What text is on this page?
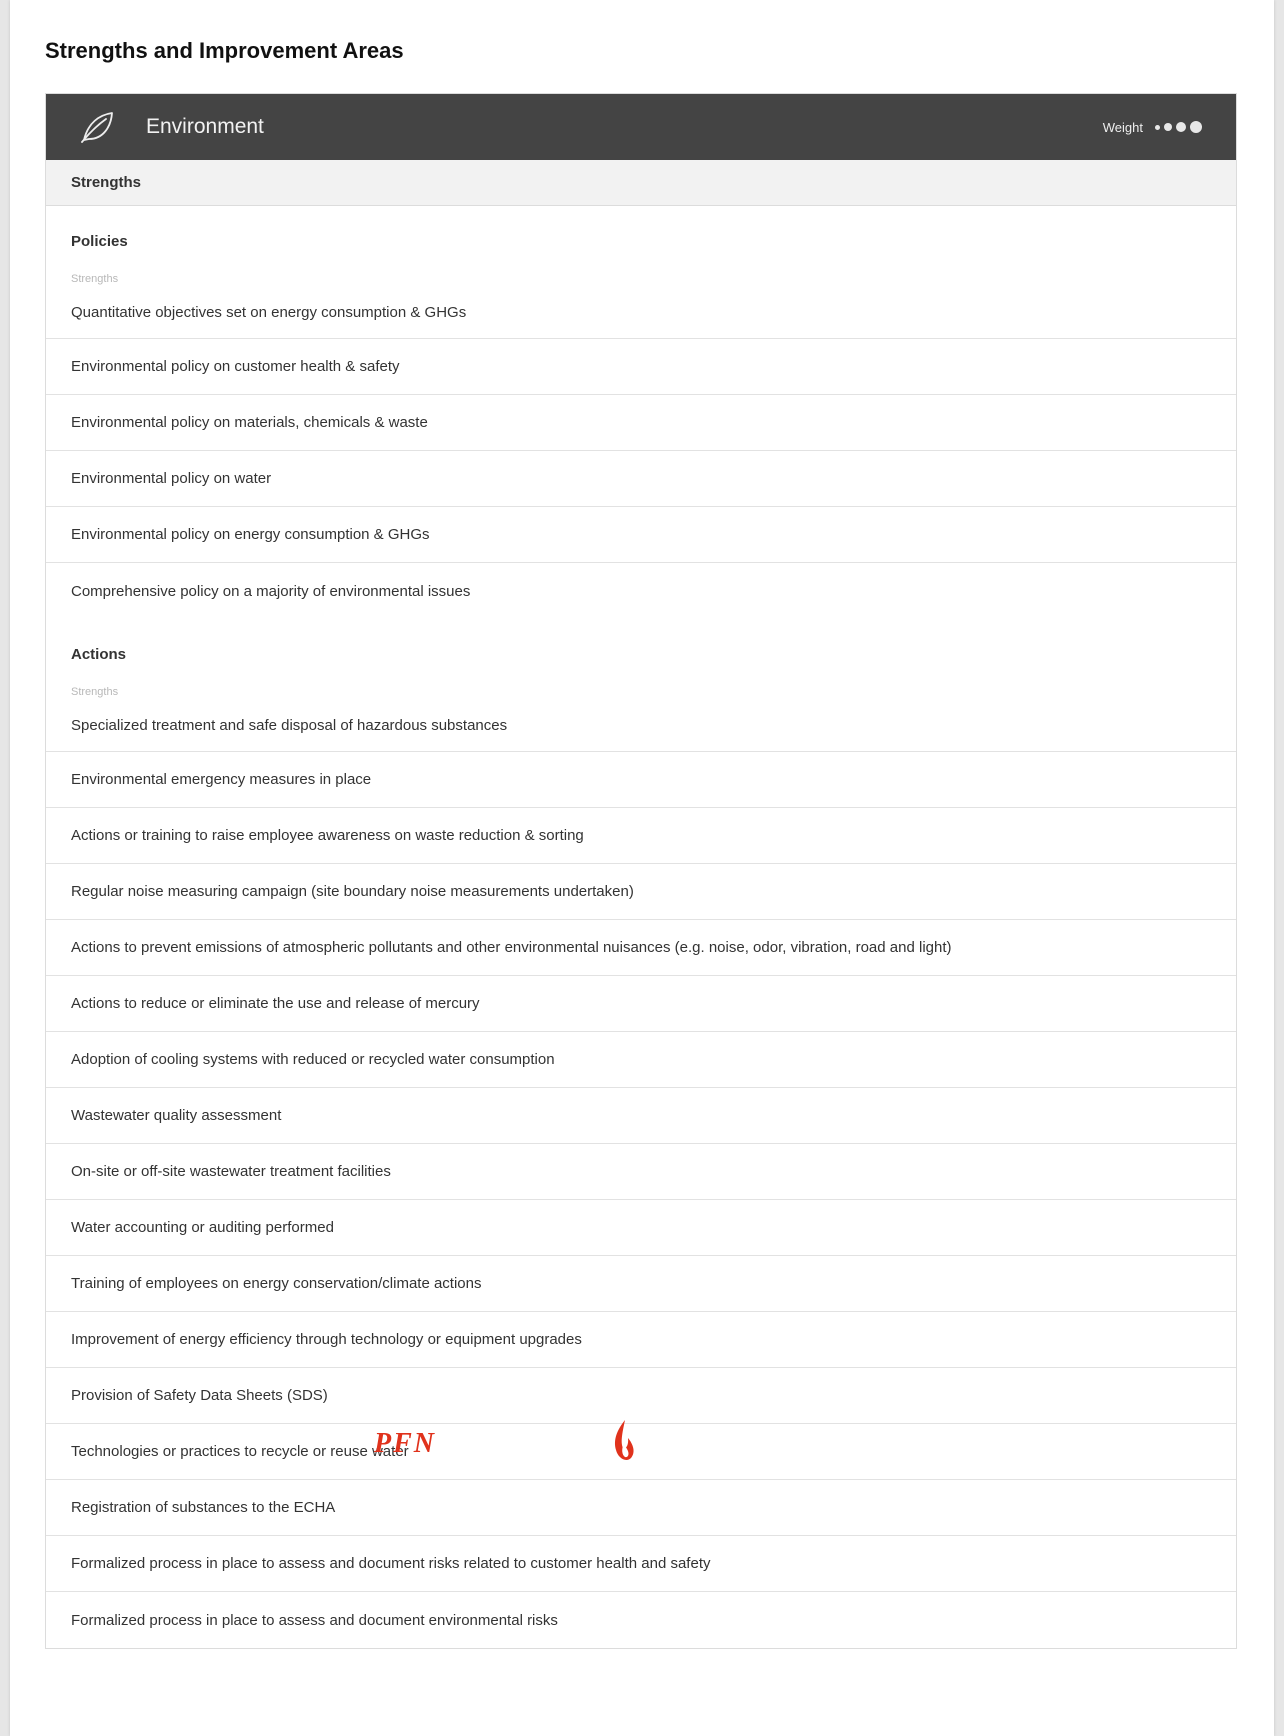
Strengths and Improvement Areas
Environment	Weight
Strengths
Policies
Strengths
Quantitative objectives set on energy consumption & GHGs
Environmental policy on customer health & safety
Environmental policy on materials, chemicals & waste
Environmental policy on water
Environmental policy on energy consumption & GHGs
Comprehensive policy on a majority of environmental issues
Actions
Strengths
Specialized treatment and safe disposal of hazardous substances
Environmental emergency measures in place
Actions or training to raise employee awareness on waste reduction & sorting
Regular noise measuring campaign (site boundary noise measurements undertaken)
Actions to prevent emissions of atmospheric pollutants and other environmental nuisances (e.g. noise, odor, vibration, road and light)
Actions to reduce or eliminate the use and release of mercury
Adoption of cooling systems with reduced or recycled water consumption
Wastewater quality assessment
On-site or off-site wastewater treatment facilities
Water accounting or auditing performed
Training of employees on energy conservation/climate actions
Improvement of energy efficiency through technology or equipment upgrades
Provision of Safety Data Sheets (SDS)
Technologies or practices to recycle or reuse water
Registration of substances to the ECHA
Formalized process in place to assess and document risks related to customer health and safety
Formalized process in place to assess and document environmental risks
PFN
